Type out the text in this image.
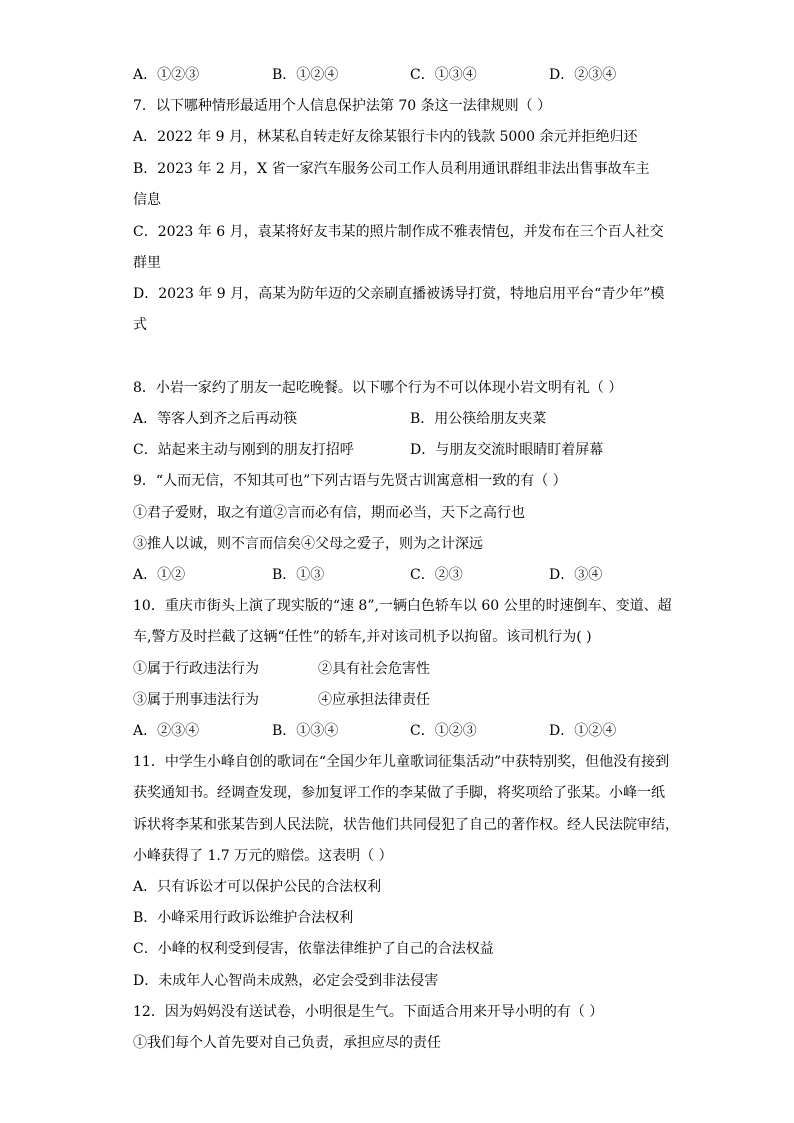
A．①②③	B．①②④	C．①③④	D．②③④
7．以下哪种情形最适用个人信息保护法第 70 条这一法律规则（ ）
A．2022 年 9 月，林某私自转走好友徐某银行卡内的钱款 5000 余元并拒绝归还
B．2023 年 2 月，X 省一家汽车服务公司工作人员利用通讯群组非法出售事故车主
信息
C．2023 年 6 月，袁某将好友韦某的照片制作成不雅表情包，并发布在三个百人社交
群里
D．2023 年 9 月，高某为防年迈的父亲刷直播被诱导打赏，特地启用平台“青少年”模
式
8．小岩一家约了朋友一起吃晚餐。以下哪个行为不可以体现小岩文明有礼（ ）
A．等客人到齐之后再动筷	B．用公筷给朋友夹菜
C．站起来主动与刚到的朋友打招呼	D．与朋友交流时眼睛盯着屏幕
9．“人而无信，不知其可也”下列古语与先贤古训寓意相一致的有（ ）
①君子爱财，取之有道②言而必有信，期而必当，天下之高行也
③推人以诚，则不言而信矣④父母之爱子，则为之计深远
A．①②	B．①③	C．②③	D．③④
10．重庆市街头上演了现实版的“速 8”,一辆白色轿车以 60 公里的时速倒车、变道、超
车,警方及时拦截了这辆“任性”的轿车,并对该司机予以拘留。该司机行为( )
①属于行政违法行为	②具有社会危害性
③属于刑事违法行为	④应承担法律责任
A．②③④	B．①③④	C．①②③	D．①②④
11．中学生小峰自创的歌词在“全国少年儿童歌词征集活动”中获特别奖，但他没有接到
获奖通知书。经调查发现，参加复评工作的李某做了手脚，将奖项给了张某。小峰一纸
诉状将李某和张某告到人民法院，状告他们共同侵犯了自己的著作权。经人民法院审结，
小峰获得了 1.7 万元的赔偿。这表明（ ）
A．只有诉讼才可以保护公民的合法权利
B．小峰采用行政诉讼维护合法权利
C．小峰的权利受到侵害，依靠法律维护了自己的合法权益
D．未成年人心智尚未成熟，必定会受到非法侵害
12．因为妈妈没有送试卷，小明很是生气。下面适合用来开导小明的有（ ）
①我们每个人首先要对自己负责，承担应尽的责任
